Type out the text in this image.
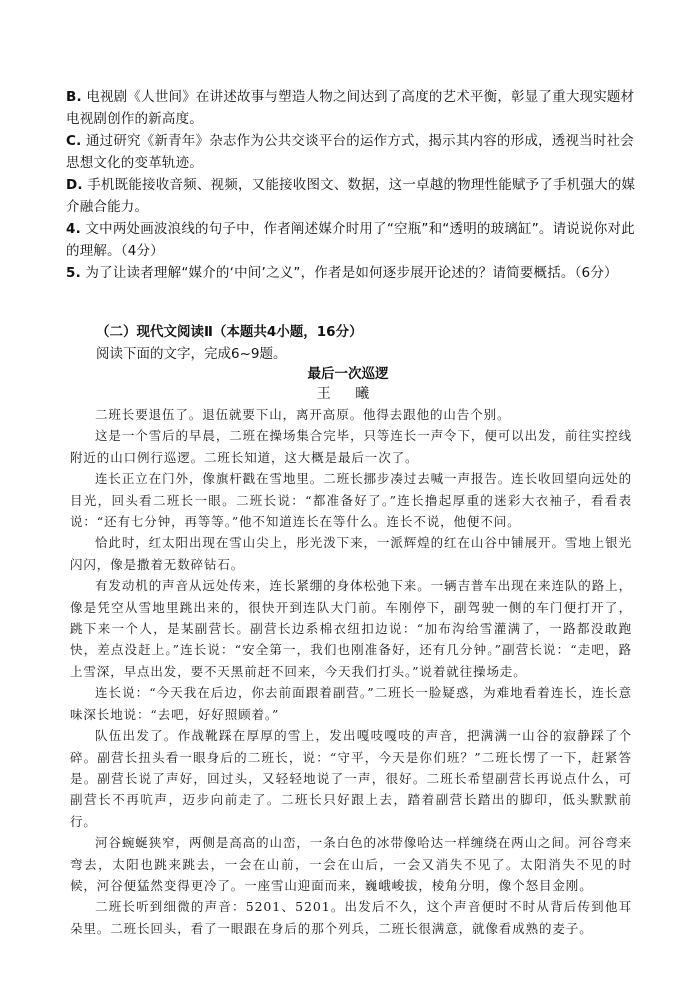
B. 电视剧《人世间》在讲述故事与塑造人物之间达到了高度的艺术平衡，彰显了重大现实题材电视剧创作的新高度。
C. 通过研究《新青年》杂志作为公共交谈平台的运作方式，揭示其内容的形成，透视当时社会思想文化的变革轨迹。
D. 手机既能接收音频、视频，又能接收图文、数据，这一卓越的物理性能赋予了手机强大的媒介融合能力。
4. 文中两处画波浪线的句子中，作者阐述媒介时用了“空瓶”和“透明的玻璃缸”。请说说你对此的理解。（4分）
5. 为了让读者理解“媒介的‘中间’之义”，作者是如何逐步展开论述的？请简要概括。（6分）
（二）现代文阅读Ⅱ（本题共4小题，16分）
阅读下面的文字，完成6~9题。
最后一次巡逻
王 曦

二班长要退伍了。退伍就要下山，离开高原。他得去跟他的山告个别。

这是一个雪后的早晨，二班在操场集合完毕，只等连长一声令下，便可以出发，前往实控线附近的山口例行巡逻。二班长知道，这大概是最后一次了。

连长正立在门外，像旗杆戳在雪地里。二班长挪步凑过去喊一声报告。连长收回望向远处的目光，回头看二班长一眼。二班长说：“都准备好了。”连长撸起厚重的迷彩大衣袖子，看看表说：“还有七分钟，再等等。”他不知道连长在等什么。连长不说，他便不问。

恰此时，红太阳出现在雪山尖上，彤光泼下来，一派辉煌的红在山谷中铺展开。雪地上银光闪闪，像是撒着无数碎钻石。

有发动机的声音从远处传来，连长紧绷的身体松弛下来。一辆吉普车出现在来连队的路上，像是凭空从雪地里跳出来的，很快开到连队大门前。车刚停下，副驾驶一侧的车门便打开了，跳下来一个人，是某副营长。副营长边系棉衣纽扣边说：“加布沟给雪灌满了，一路都没敢跑快，差点没赶上。”连长说：“安全第一，我们也刚准备好，还有几分钟。”副营长说：“走吧，路上雪深，早点出发，要不天黑前赶不回来，今天我们打头。”说着就往操场走。

连长说：“今天我在后边，你去前面跟着副营。”二班长一脸疑惑，为难地看着连长，连长意味深长地说：“去吧，好好照顾着。”

队伍出发了。作战靴踩在厚厚的雪上，发出嘎吱嘎吱的声音，把满满一山谷的寂静踩了个碎。副营长扭头看一眼身后的二班长，说：“守平，今天是你们班？”二班长愣了一下，赶紧答是。副营长说了声好，回过头，又轻轻地说了一声，很好。二班长希望副营长再说点什么，可副营长不再吭声，迈步向前走了。二班长只好跟上去，踏着副营长踏出的脚印，低头默默前行。

河谷蜿蜒狭窄，两侧是高高的山峦，一条白色的冰带像哈达一样缠绕在两山之间。河谷弯来弯去，太阳也跳来跳去，一会在山前，一会在山后，一会又消失不见了。太阳消失不见的时候，河谷便猛然变得更冷了。一座雪山迎面而来，巍峨峻拔，棱角分明，像个怒目金刚。

二班长听到细微的声音：5201、5201。出发后不久，这个声音便时不时从背后传到他耳朵里。二班长回头，看了一眼跟在身后的那个列兵，二班长很满意，就像看成熟的麦子。
